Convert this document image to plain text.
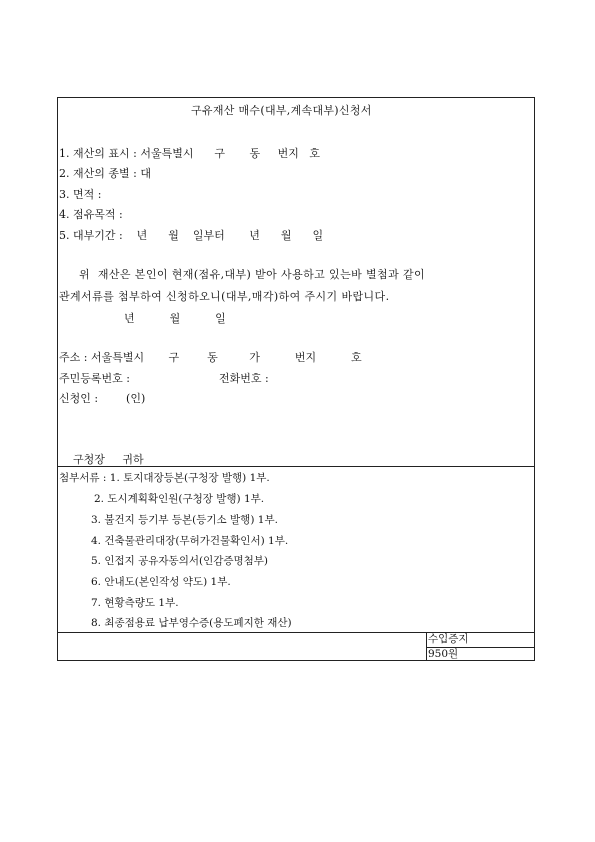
구유재산 매수(대부,계속대부)신청서
1. 재산의 표시 : 서울특별시      구       동     번지   호
2. 재산의 종별 : 대
3. 면적 :
4. 점유목적 :
5. 대부기간 :    년      월    일부터       년      월      일
위  재산은 본인이 현재(점유,대부) 받아 사용하고 있는바 별첨과 같이
관계서류를 첨부하여 신청하오니(대부,매각)하여 주시기 바랍니다.
년          월          일
주소 : 서울특별시       구        동         가          번지          호
주민등록번호 :	전화번호 :
신청인 :        (인)
구청장     귀하
첨부서류 : 1. 토지대장등본(구청장 발행) 1부.
2. 도시계획확인원(구청장 발행) 1부.
3. 불건지 등기부 등본(등기소 발행) 1부.
4. 건축물관리대장(무허가건물확인서) 1부.
5. 인접지 공유자동의서(인감증명첨부)
6. 안내도(본인작성 약도) 1부.
7. 현황측량도 1부.
8. 최종점용료 납부영수증(용도폐지한 재산)
수입증지
950원
